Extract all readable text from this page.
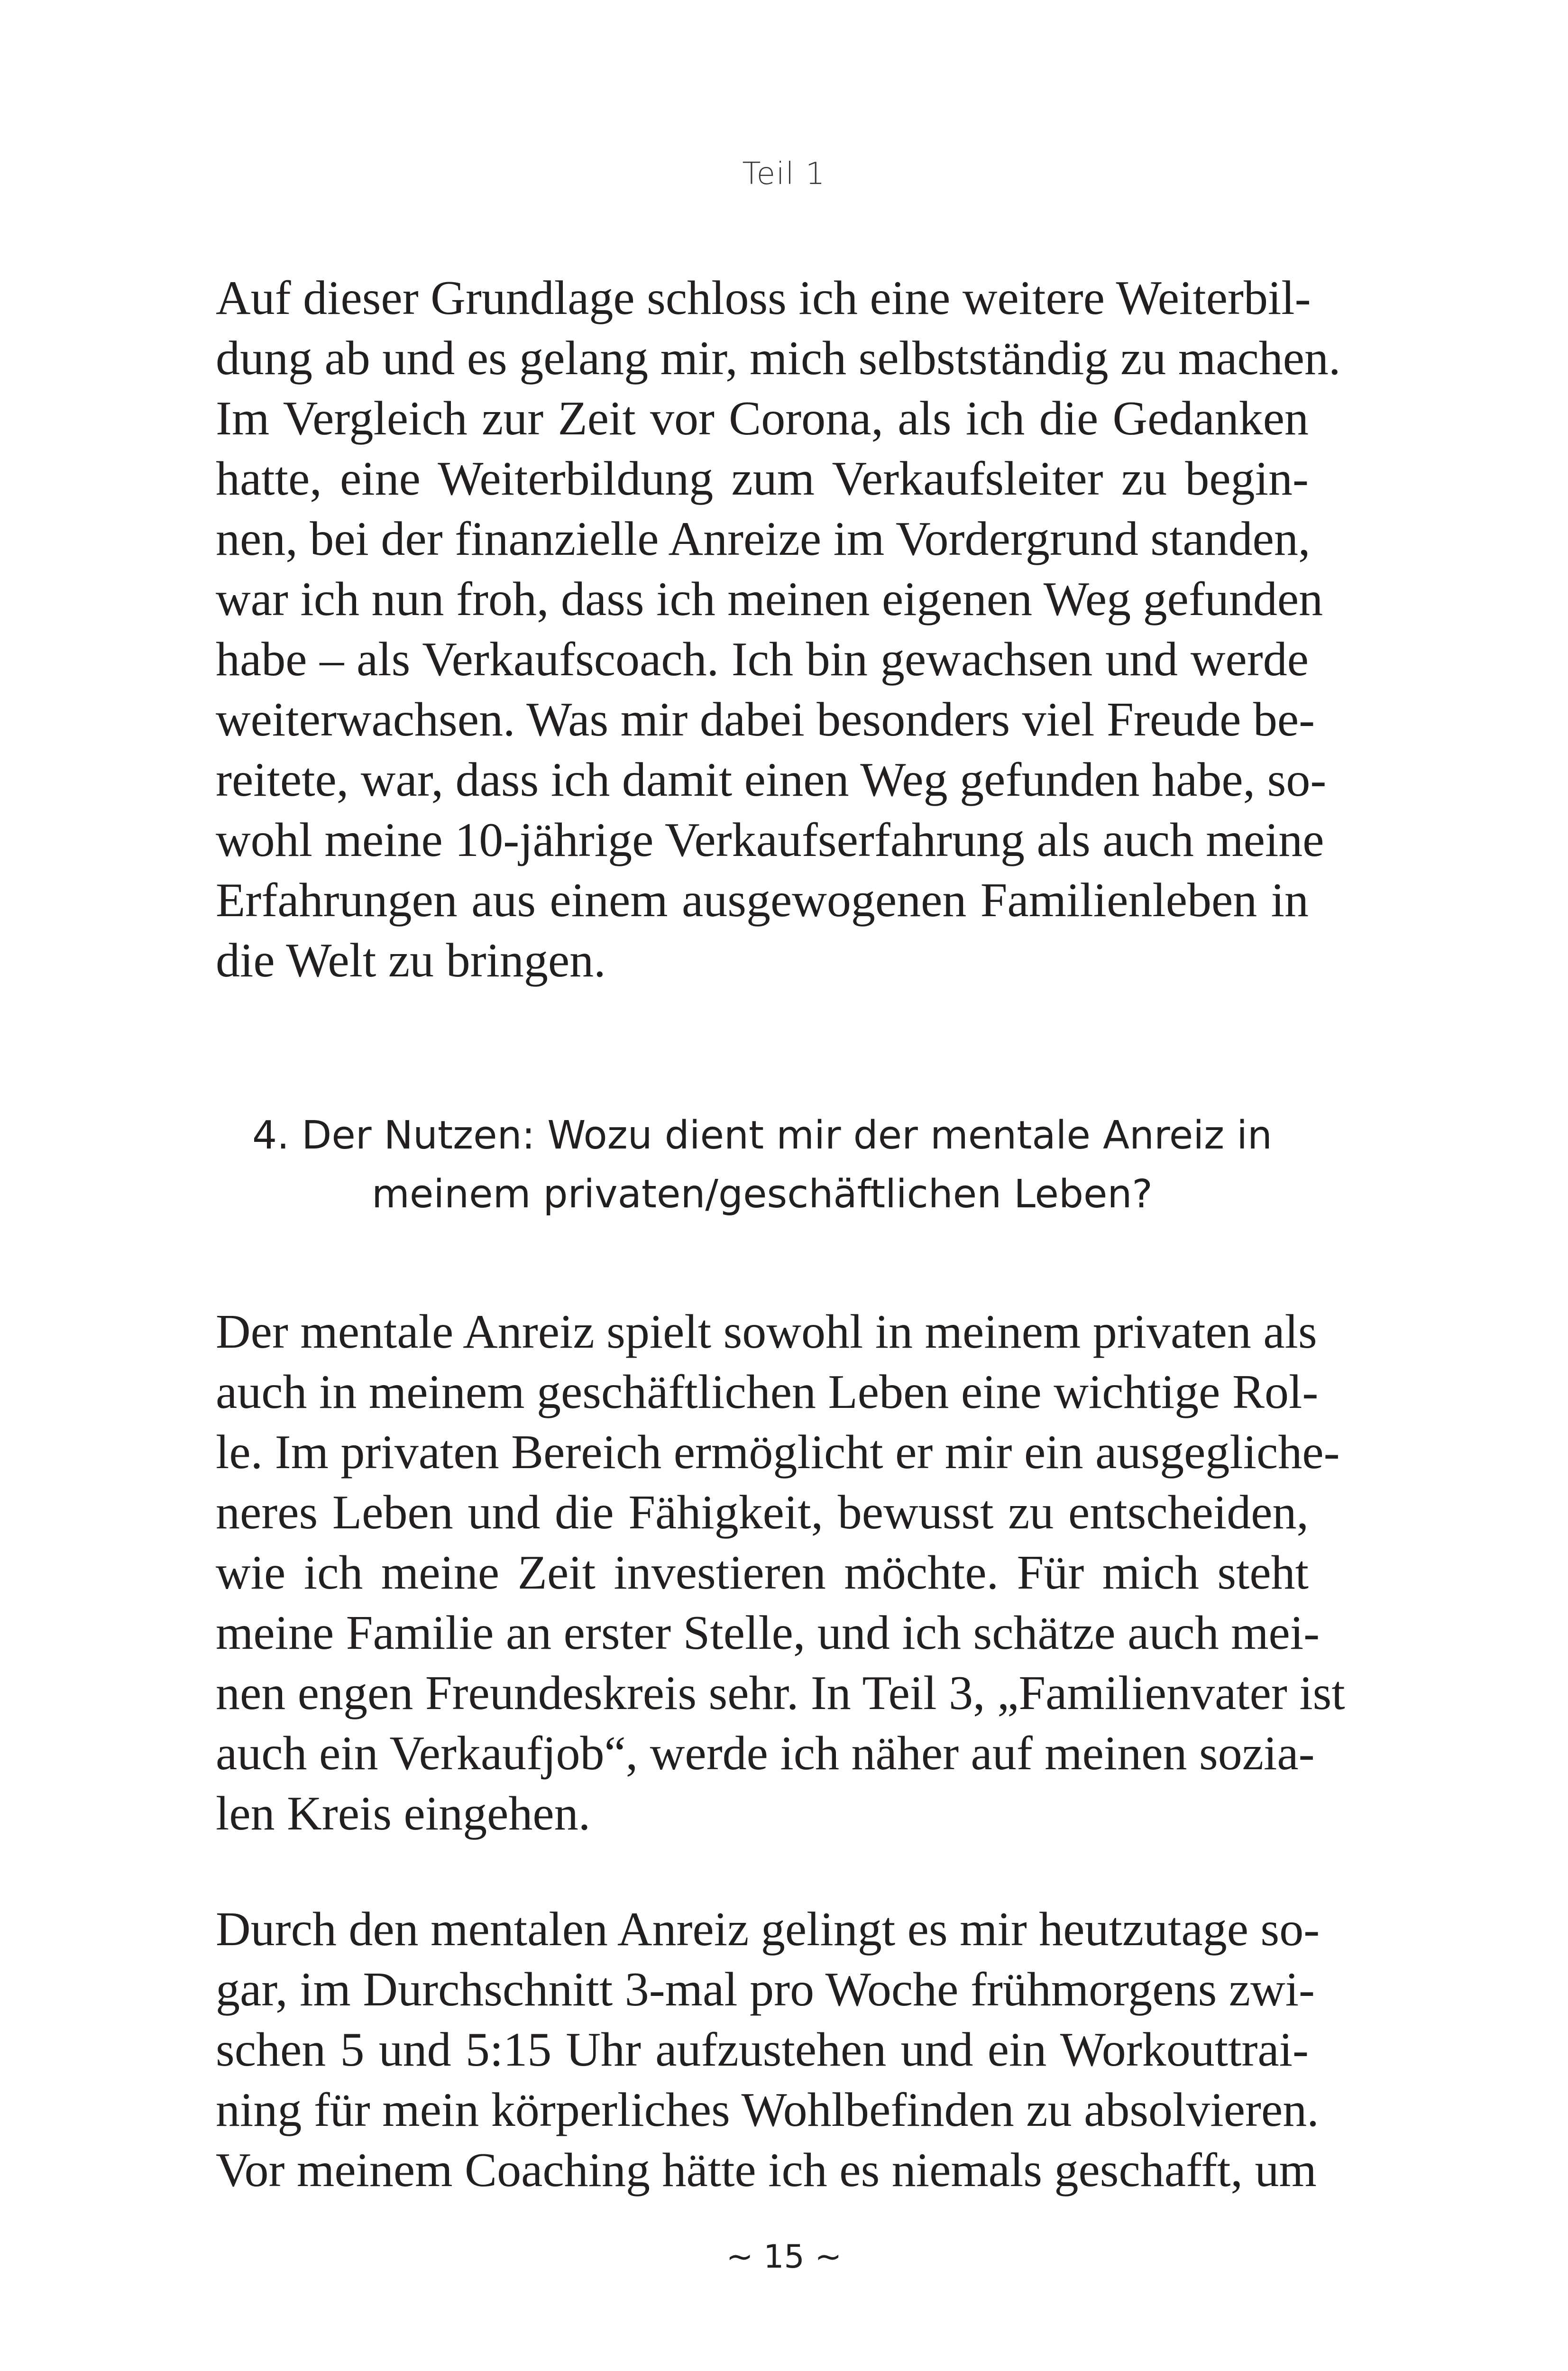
Teil 1

Auf dieser Grundlage schloss ich eine weitere Weiterbil-
dung ab und es gelang mir, mich selbstständig zu machen.
Im Vergleich zur Zeit vor Corona, als ich die Gedanken
hatte, eine Weiterbildung zum Verkaufsleiter zu begin-
nen, bei der finanzielle Anreize im Vordergrund standen,
war ich nun froh, dass ich meinen eigenen Weg gefunden
habe – als Verkaufscoach. Ich bin gewachsen und werde
weiterwachsen. Was mir dabei besonders viel Freude be-
reitete, war, dass ich damit einen Weg gefunden habe, so-
wohl meine 10-jährige Verkaufserfahrung als auch meine
Erfahrungen aus einem ausgewogenen Familienleben in
die Welt zu bringen.

4. Der Nutzen: Wozu dient mir der mentale Anreiz in
meinem privaten/geschäftlichen Leben?

Der mentale Anreiz spielt sowohl in meinem privaten als
auch in meinem geschäftlichen Leben eine wichtige Rol-
le. Im privaten Bereich ermöglicht er mir ein ausgegliche-
neres Leben und die Fähigkeit, bewusst zu entscheiden,
wie ich meine Zeit investieren möchte. Für mich steht
meine Familie an erster Stelle, und ich schätze auch mei-
nen engen Freundeskreis sehr. In Teil 3, „Familienvater ist
auch ein Verkaufjob“, werde ich näher auf meinen sozia-
len Kreis eingehen.

Durch den mentalen Anreiz gelingt es mir heutzutage so-
gar, im Durchschnitt 3-mal pro Woche frühmorgens zwi-
schen 5 und 5:15 Uhr aufzustehen und ein Workouttrai-
ning für mein körperliches Wohlbefinden zu absolvieren.
Vor meinem Coaching hätte ich es niemals geschafft, um

~ 15 ~
